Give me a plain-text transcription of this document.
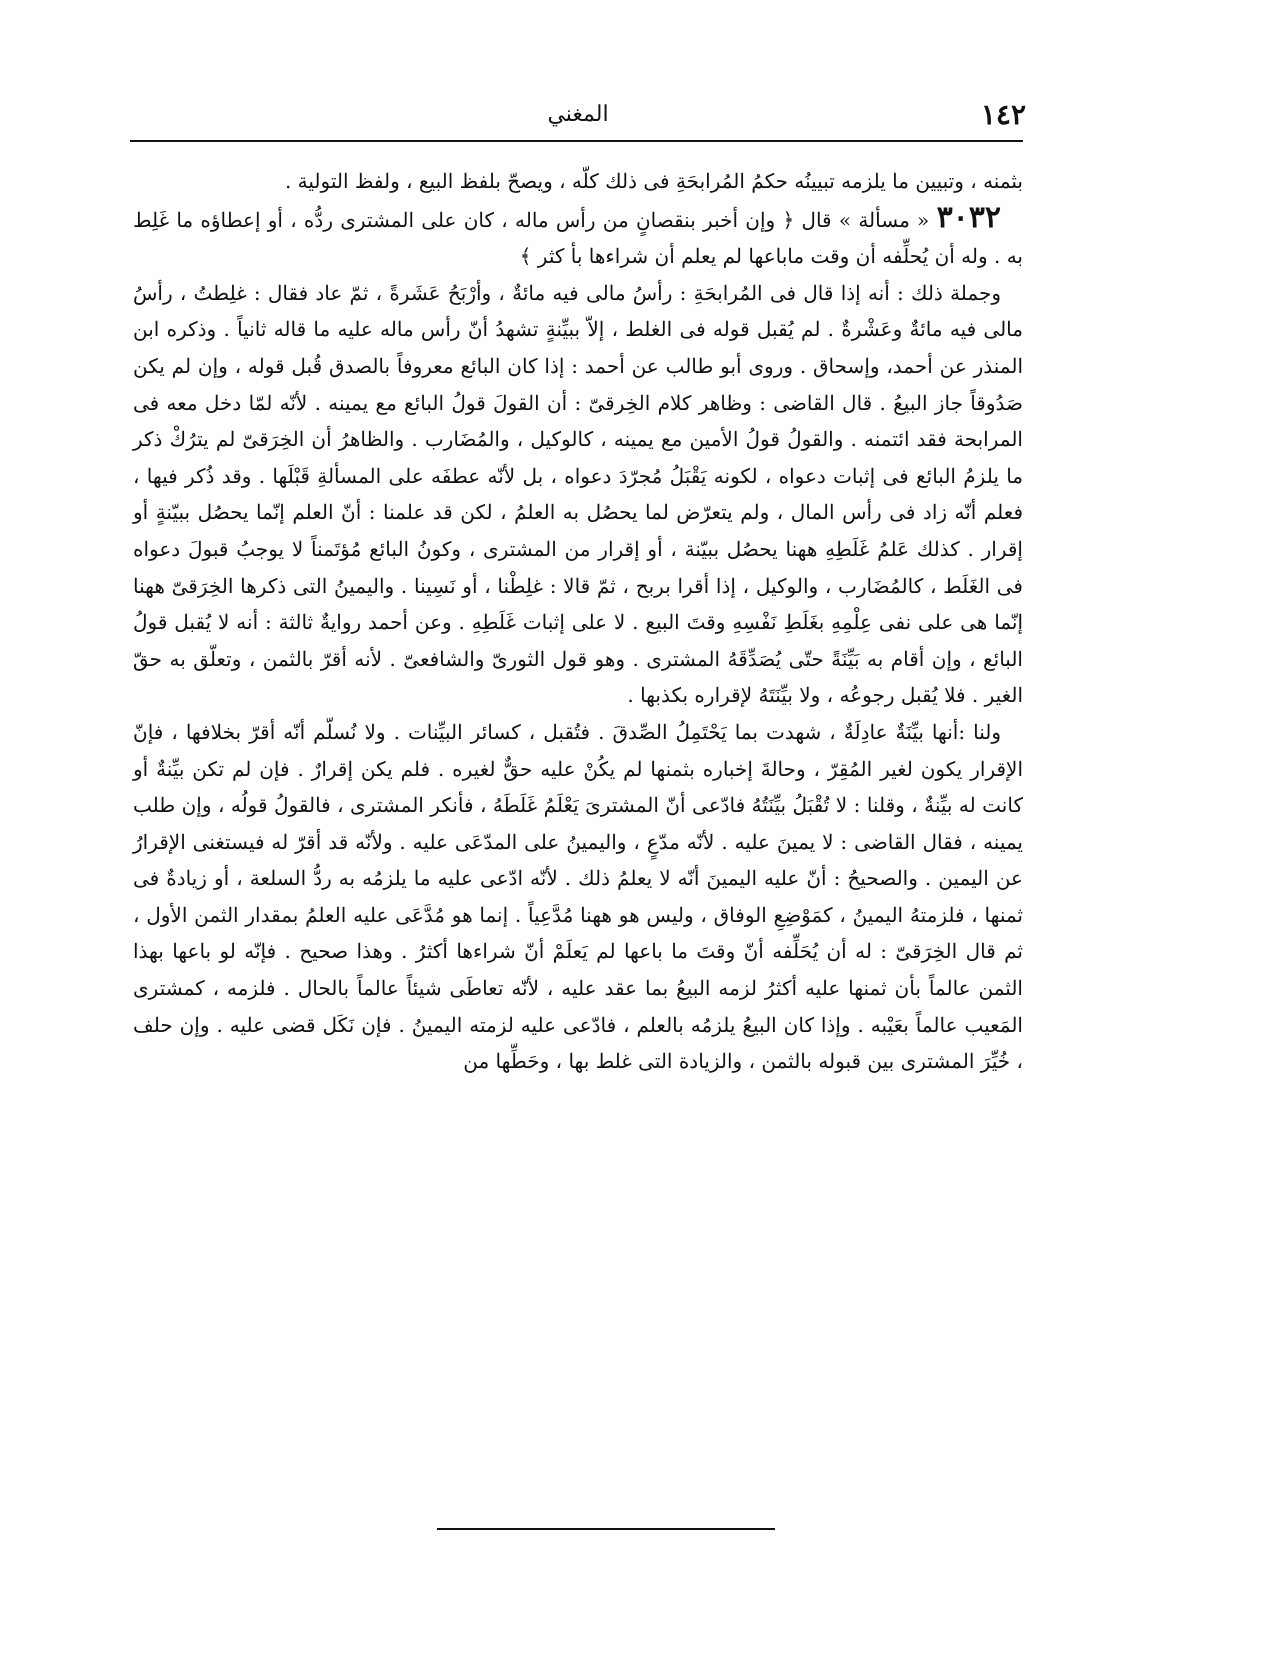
١٤٢
المغني

بثمنه ، وتبيين ما يلزمه تبيينُه حكمُ المُرابحَةِ فى ذلك كلّه ، ويصحّ بلفظ البيع ، ولفظ التولية .

٣٠٣٢ « مسألة » قال ﴿ وإن أخبر بنقصانٍ من رأس ماله ، كان على المشترى ردُّه ، أو إعطاؤه ما غَلِط به . وله أن يُحلِّفه أن وقت ماباعها لم يعلم أن شراءها بأ كثر ﴾

وجملة ذلك : أنه إذا قال فى المُرابحَةِ : رأسُ مالى فيه مائةٌ ، وأرْبَحُ عَشَرةً ، ثمّ عاد فقال : غلِطتُ ، رأسُ مالى فيه مائةٌ وعَشْرةٌ . لم يُقبل قوله فى الغلط ، إلاّ ببيِّنةٍ تشهدُ أنّ رأس ماله عليه ما قاله ثانياً . وذكره ابن المنذر عن أحمد، وإسحاق . وروى أبو طالب عن أحمد : إذا كان البائع معروفاً بالصدق قُبل قوله ، وإن لم يكن صَدُوقاً جاز البيعُ . قال القاضى : وظاهر كلام الخِرقىّ : أن القولَ قولُ البائع مع يمينه . لأنّه لمّا دخل معه فى المرابحة فقد ائتمنه . والقولُ قولُ الأمين مع يمينه ، كالوكيل ، والمُضَارب . والظاهرُ أن الخِرَقىّ لم يترُكْ ذكر ما يلزمُ البائع فى إثبات دعواه ، لكونه يَقْبَلُ مُجرّدَ دعواه ، بل لأنّه عطفَه على المسألةِ قَبْلَها . وقد ذُكر فيها ، فعلم أنّه زاد فى رأس المال ، ولم يتعرّض لما يحصُل به العلمُ ، لكن قد علمنا : أنّ العلم إنّما يحصُل ببيّنةٍ أو إقرار . كذلك عَلمُ غَلَطِهِ ههنا يحصُل ببيّنة ، أو إقرار من المشترى ، وكونُ البائع مُؤتَمناً لا يوجبُ قبولَ دعواه فى الغَلَط ، كالمُضَارب ، والوكيل ، إذا أقرا بربح ، ثمّ قالا : غلِطْنا ، أو نَسِينا . واليمينُ التى ذكرها الخِرَقىّ ههنا إنّما هى على نفى عِلْمِهِ بغَلَطِ نَفْسِهِ وقتَ البيع . لا على إثبات غَلَطِهِ . وعن أحمد روايةٌ ثالثة : أنه لا يُقبل قولُ البائع ، وإن أقام به بَيِّنَةً حتّى يُصَدِّقَهُ المشترى . وهو قول الثورىّ والشافعىّ . لأنه أقرّ بالثمن ، وتعلّق به حقّ الغير . فلا يُقبل رجوعُه ، ولا بيِّنَتَهُ لإقراره بكذبها .

ولنا :أنها بيِّنَةٌ عادِلَةٌ ، شهدت بما يَحْتَمِلُ الصِّدقَ . فتُقبل ، كسائر البيِّنات . ولا نُسلّم أنّه أقرّ بخلافها ، فإنّ الإقرار يكون لغير المُقِرّ ، وحالةَ إخباره بثمنها لم يكُنْ عليه حقٌّ لغيره . فلم يكن إقرارٌ . فإن لم تكن بيِّنةٌ أو كانت له بيِّنةٌ ، وقلنا : لا تُقْبَلُ بيِّنَتُهُ فادّعى أنّ المشترىَ يَعْلَمُ غَلَطَهُ ، فأنكر المشترى ، فالقولُ قولُه ، وإن طلب يمينه ، فقال القاضى : لا يمينَ عليه . لأنّه مدّعٍ ، واليمينُ على المدّعَى عليه . ولأنّه قد أقرّ له فيستغنى الإقرارُ عن اليمين . والصحيحُ : أنّ عليه اليمينَ أنّه لا يعلمُ ذلك . لأنّه ادّعى عليه ما يلزمُه به ردُّ السلعة ، أو زيادةٌ فى ثمنها ، فلزمتهُ اليمينُ ، كمَوْضِعِ الوفاق ، وليس هو ههنا مُدَّعِياً . إنما هو مُدَّعَى عليه العلمُ بمقدار الثمن الأول ، ثم قال الخِرَقىّ : له أن يُحَلِّفه أنّ وقتَ ما باعها لم يَعلَمْ أنّ شراءها أكثرُ . وهذا صحيح . فإنّه لو باعها بهذا الثمن عالماً بأن ثمنها عليه أكثرُ لزمه البيعُ بما عقد عليه ، لأنّه تعاطَى شيئاً عالماً بالحال . فلزمه ، كمشترى المَعيب عالماً بعَيْبه . وإذا كان البيعُ يلزمُه بالعلم ، فادّعى عليه لزمته اليمينُ . فإن نَكَل قضى عليه . وإن حلف ، خُيِّرَ المشترى بين قبوله بالثمن ، والزيادة التى غلط بها ، وحَطِّها من
